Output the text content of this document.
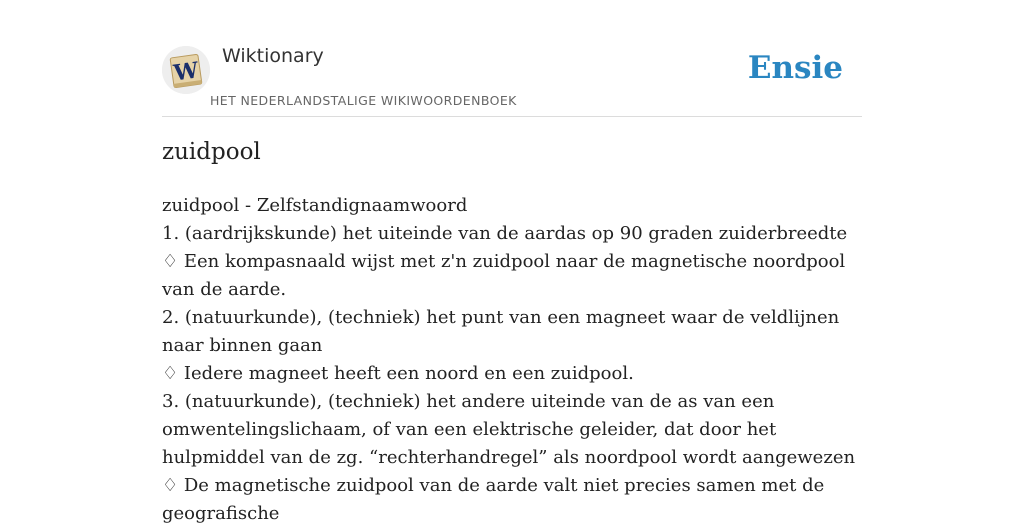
W
Wiktionary
HET NEDERLANDSTALIGE WIKIWOORDENBOEK
Ensie
zuidpool
zuidpool - Zelfstandignaamwoord
1. (aardrijkskunde) het uiteinde van de aardas op 90 graden zuiderbreedte
♢ Een kompasnaald wijst met z'n zuidpool naar de magnetische noordpool van de aarde.
2. (natuurkunde), (techniek) het punt van een magneet waar de veldlijnen naar binnen gaan
♢ Iedere magneet heeft een noord en een zuidpool.
3. (natuurkunde), (techniek) het andere uiteinde van de as van een omwentelingslichaam, of van een elektrische geleider, dat door het hulpmiddel van de zg. “rechterhandregel” als noordpool wordt aangewezen
♢ De magnetische zuidpool van de aarde valt niet precies samen met de geografische
